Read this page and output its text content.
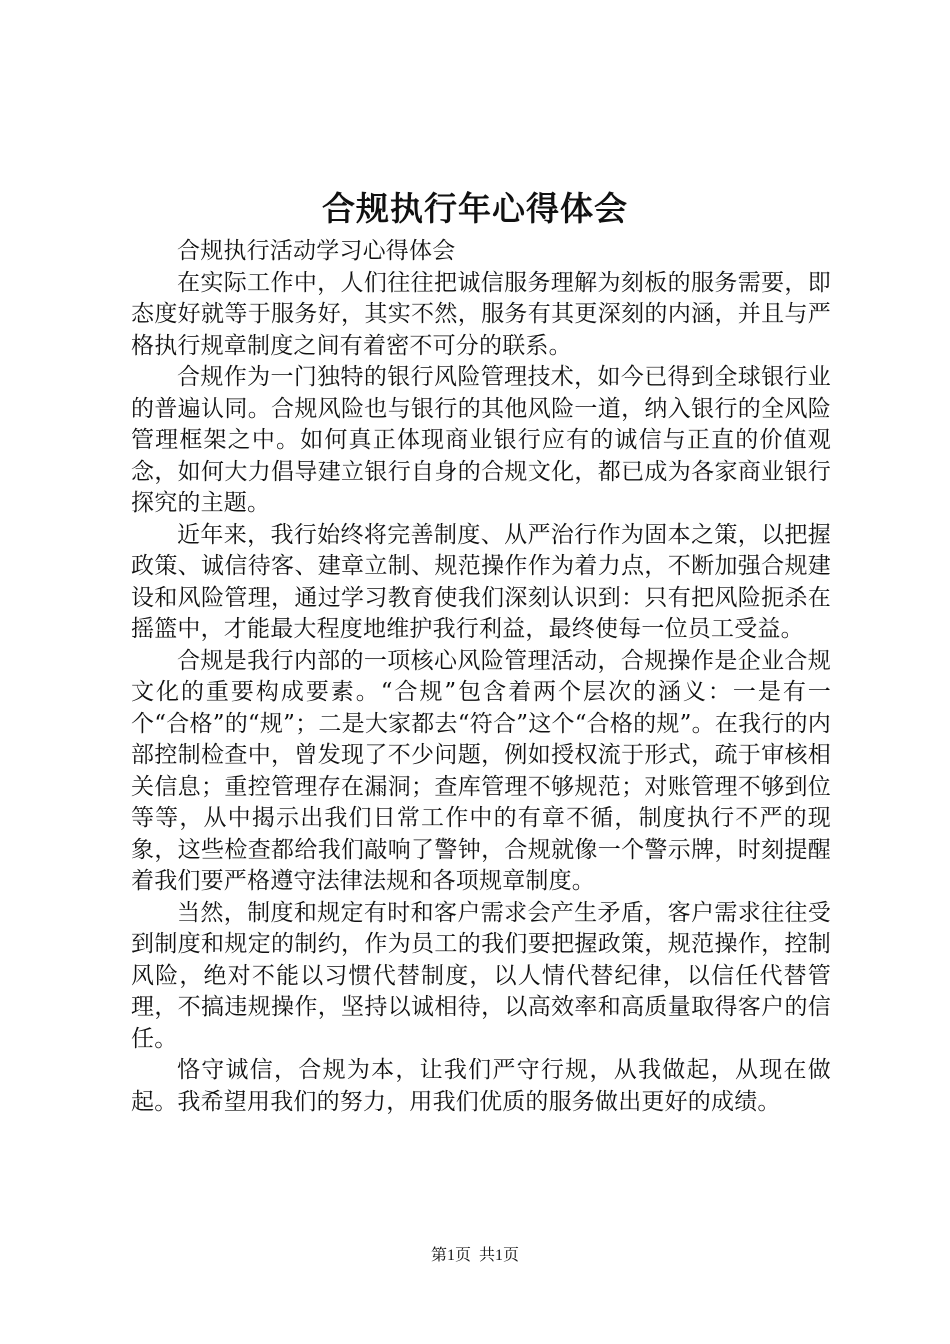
合规执行年心得体会

合规执行活动学习心得体会

在实际工作中，人们往往把诚信服务理解为刻板的服务需要，即态度好就等于服务好，其实不然，服务有其更深刻的内涵，并且与严格执行规章制度之间有着密不可分的联系。

合规作为一门独特的银行风险管理技术，如今已得到全球银行业的普遍认同。合规风险也与银行的其他风险一道，纳入银行的全风险管理框架之中。如何真正体现商业银行应有的诚信与正直的价值观念，如何大力倡导建立银行自身的合规文化，都已成为各家商业银行探究的主题。

近年来，我行始终将完善制度、从严治行作为固本之策，以把握政策、诚信待客、建章立制、规范操作作为着力点，不断加强合规建设和风险管理，通过学习教育使我们深刻认识到：只有把风险扼杀在摇篮中，才能最大程度地维护我行利益，最终使每一位员工受益。

合规是我行内部的一项核心风险管理活动，合规操作是企业合规文化的重要构成要素。“合规”包含着两个层次的涵义：一是有一个“合格”的“规”；二是大家都去“符合”这个“合格的规”。在我行的内部控制检查中，曾发现了不少问题，例如授权流于形式，疏于审核相关信息；重控管理存在漏洞；查库管理不够规范；对账管理不够到位等等，从中揭示出我们日常工作中的有章不循，制度执行不严的现象，这些检查都给我们敲响了警钟，合规就像一个警示牌，时刻提醒着我们要严格遵守法律法规和各项规章制度。

当然，制度和规定有时和客户需求会产生矛盾，客户需求往往受到制度和规定的制约，作为员工的我们要把握政策，规范操作，控制风险，绝对不能以习惯代替制度，以人情代替纪律，以信任代替管理，不搞违规操作，坚持以诚相待，以高效率和高质量取得客户的信任。

恪守诚信，合规为本，让我们严守行规，从我做起，从现在做起。我希望用我们的努力，用我们优质的服务做出更好的成绩。

第1页  共1页
